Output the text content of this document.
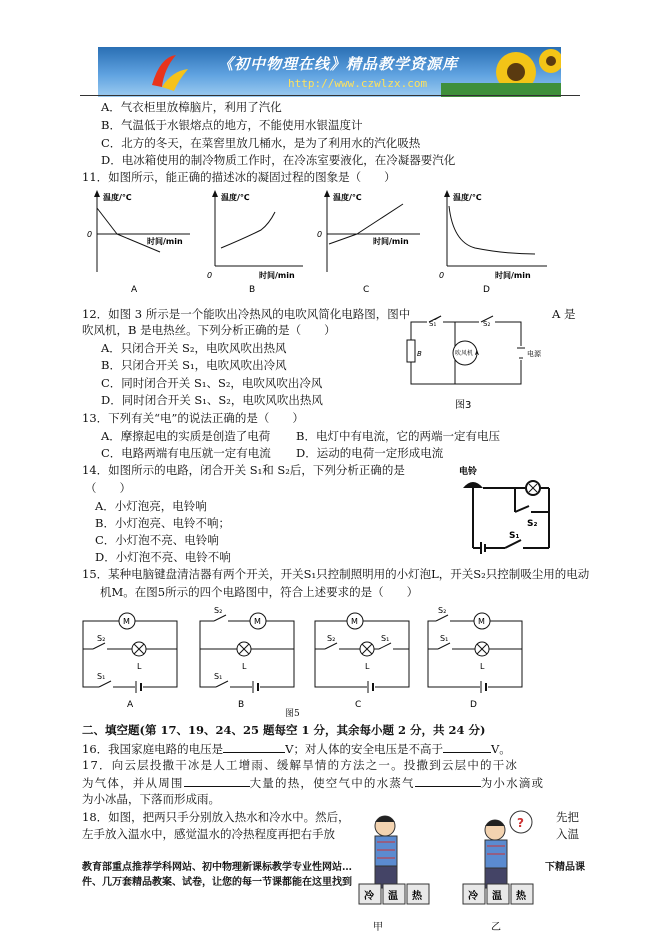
《初中物理在线》精品教学资源库
http://www.czwlzx.com
A．气衣柜里放樟脑片，利用了汽化
B．气温低于水银熔点的地方，不能使用水银温度计
C．北方的冬天，在菜窖里放几桶水，是为了利用水的汽化吸热
D．电冰箱使用的制冷物质工作时，在冷冻室要液化，在冷凝器要汽化
11．如图所示，能正确的描述冰的凝固过程的图象是（　　）
温度/℃
0
时间/min
A
温度/℃
0	时间/min
B
温度/℃
0
时间/min
C
温度/℃
0	时间/min
D
12．如图 3 所示是一个能吹出冷热风的电吹风简化电路图，图中	A 是
吹风机，B 是电热丝。下列分析正确的是（　　）
A．只闭合开关 S₂，电吹风吹出热风
B．只闭合开关 S₁，电吹风吹出冷风
C．同时闭合开关 S₁、S₂，电吹风吹出冷风
D．同时闭合开关 S₁、S₂，电吹风吹出热风
S₁	S₂
B	吹风机 A	电源
图3
13．下列有关“电”的说法正确的是（　　）
A．摩擦起电的实质是创造了电荷 B．电灯中有电流，它的两端一定有电压
C．电路两端有电压就一定有电流 D．运动的电荷一定形成电流
14．如图所示的电路，闭合开关 S₁和 S₂后，下列分析正确的是
（　　）
A．小灯泡亮，电铃响
B．小灯泡亮、电铃不响；
C．小灯泡不亮、电铃响
D．小灯泡不亮、电铃不响
电铃
S₁
S₂
15．某种电脑键盘清洁器有两个开关，开关S₁只控制照明用的小灯泡L，开关S₂只控制吸尘用的电动
机M。在图5所示的四个电路图中，符合上述要求的是（　　）
M
S₂
S₁
L
A
M
S₂
S₁
L
B
M
S₂	S₁
L
C
M
S₂
S₁
L
D
图5
二、填空题(第 17、19、24、25 题每空 1 分，其余每小题 2 分，共 24 分)
16．我国家庭电路的电压是	V；对人体的安全电压是不高于	V。
17．向云层投撒干冰是人工增雨、缓解旱情的方法之一。投撒到云层中的干冰
为气体，并从周围	大量的热，使空气中的水蒸气	为小水滴或
为小冰晶，下落而形成雨。
18．如图，把两只手分别放入热水和冷水中。然后，	先把
左手放入温水中，感觉温水的冷热程度再把右手放	入温
冷 温 热
?
冷 温 热
甲	乙
教育部重点推荐学科网站、初中物理新课标教学专业性网站…	下精品课
件、几万套精品教案、试卷，让您的每一节课都能在这里找到
